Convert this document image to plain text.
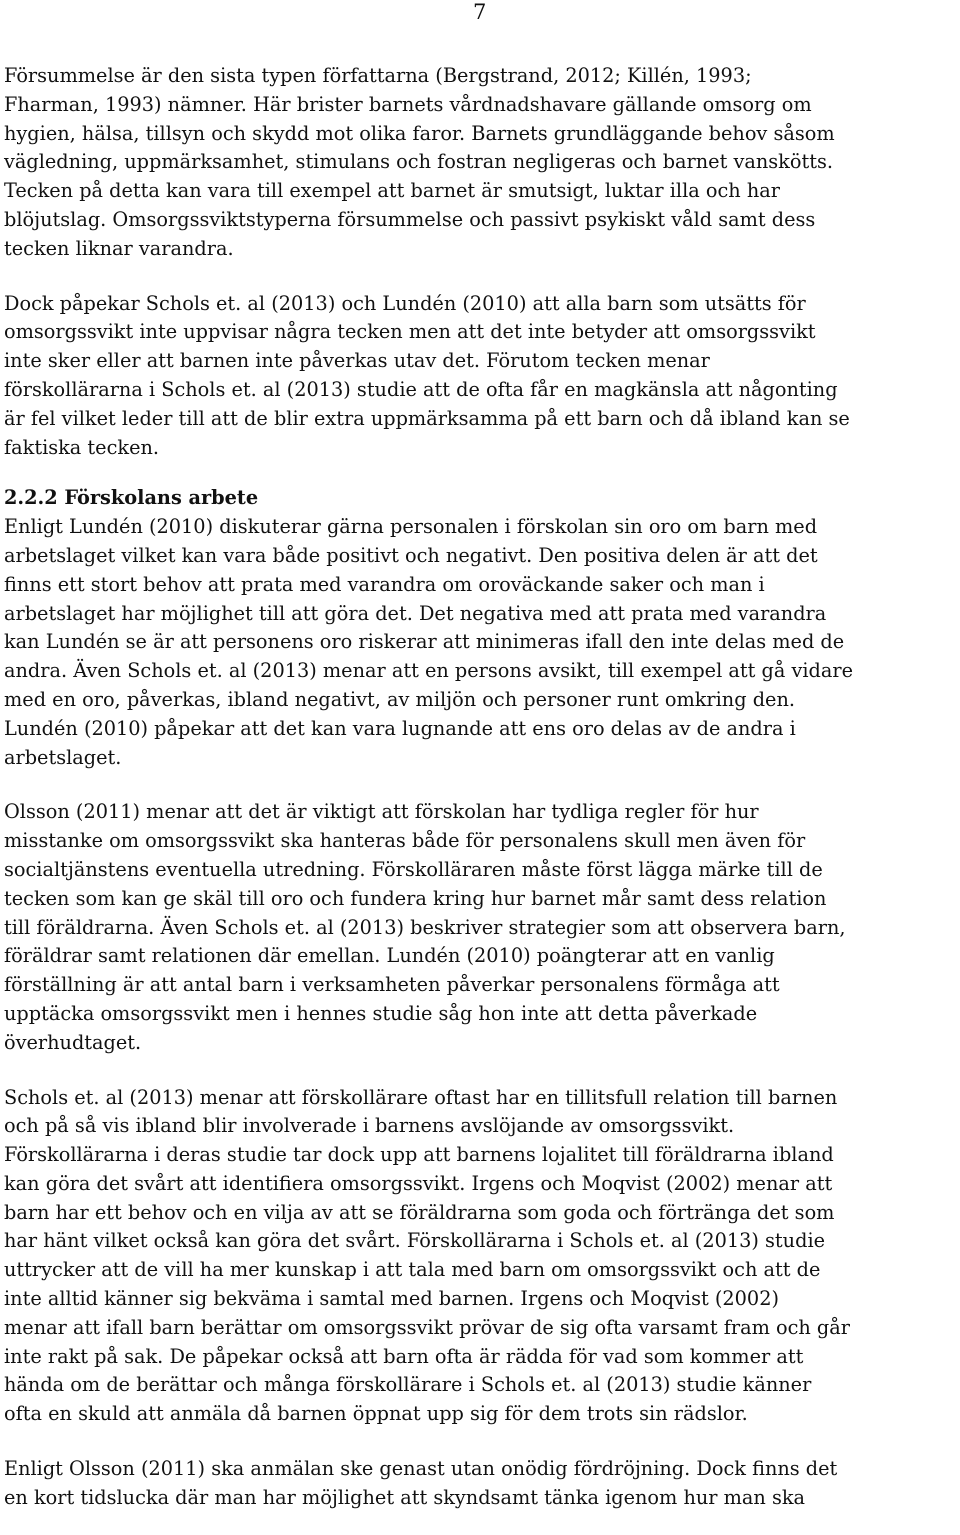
7

Försummelse är den sista typen författarna (Bergstrand, 2012; Killén, 1993;
Fharman, 1993) nämner. Här brister barnets vårdnadshavare gällande omsorg om
hygien, hälsa, tillsyn och skydd mot olika faror. Barnets grundläggande behov såsom
vägledning, uppmärksamhet, stimulans och fostran negligeras och barnet vanskötts.
Tecken på detta kan vara till exempel att barnet är smutsigt, luktar illa och har
blöjutslag. Omsorgssviktstyperna försummelse och passivt psykiskt våld samt dess
tecken liknar varandra.

Dock påpekar Schols et. al (2013) och Lundén (2010) att alla barn som utsätts för
omsorgssvikt inte uppvisar några tecken men att det inte betyder att omsorgssvikt
inte sker eller att barnen inte påverkas utav det. Förutom tecken menar
förskollärarna i Schols et. al (2013) studie att de ofta får en magkänsla att någonting
är fel vilket leder till att de blir extra uppmärksamma på ett barn och då ibland kan se
faktiska tecken.

2.2.2 Förskolans arbete

Enligt Lundén (2010) diskuterar gärna personalen i förskolan sin oro om barn med
arbetslaget vilket kan vara både positivt och negativt. Den positiva delen är att det
finns ett stort behov att prata med varandra om oroväckande saker och man i
arbetslaget har möjlighet till att göra det. Det negativa med att prata med varandra
kan Lundén se är att personens oro riskerar att minimeras ifall den inte delas med de
andra. Även Schols et. al (2013) menar att en persons avsikt, till exempel att gå vidare
med en oro, påverkas, ibland negativt, av miljön och personer runt omkring den.
Lundén (2010) påpekar att det kan vara lugnande att ens oro delas av de andra i
arbetslaget.

Olsson (2011) menar att det är viktigt att förskolan har tydliga regler för hur
misstanke om omsorgssvikt ska hanteras både för personalens skull men även för
socialtjänstens eventuella utredning. Förskolläraren måste först lägga märke till de
tecken som kan ge skäl till oro och fundera kring hur barnet mår samt dess relation
till föräldrarna. Även Schols et. al (2013) beskriver strategier som att observera barn,
föräldrar samt relationen där emellan. Lundén (2010) poängterar att en vanlig
förställning är att antal barn i verksamheten påverkar personalens förmåga att
upptäcka omsorgssvikt men i hennes studie såg hon inte att detta påverkade
överhudtaget.

Schols et. al (2013) menar att förskollärare oftast har en tillitsfull relation till barnen
och på så vis ibland blir involverade i barnens avslöjande av omsorgssvikt.
Förskollärarna i deras studie tar dock upp att barnens lojalitet till föräldrarna ibland
kan göra det svårt att identifiera omsorgssvikt. Irgens och Moqvist (2002) menar att
barn har ett behov och en vilja av att se föräldrarna som goda och förtränga det som
har hänt vilket också kan göra det svårt. Förskollärarna i Schols et. al (2013) studie
uttrycker att de vill ha mer kunskap i att tala med barn om omsorgssvikt och att de
inte alltid känner sig bekväma i samtal med barnen. Irgens och Moqvist (2002)
menar att ifall barn berättar om omsorgssvikt prövar de sig ofta varsamt fram och går
inte rakt på sak. De påpekar också att barn ofta är rädda för vad som kommer att
hända om de berättar och många förskollärare i Schols et. al (2013) studie känner
ofta en skuld att anmäla då barnen öppnat upp sig för dem trots sin rädslor.

Enligt Olsson (2011) ska anmälan ske genast utan onödig fördröjning. Dock finns det
en kort tidslucka där man har möjlighet att skyndsamt tänka igenom hur man ska
